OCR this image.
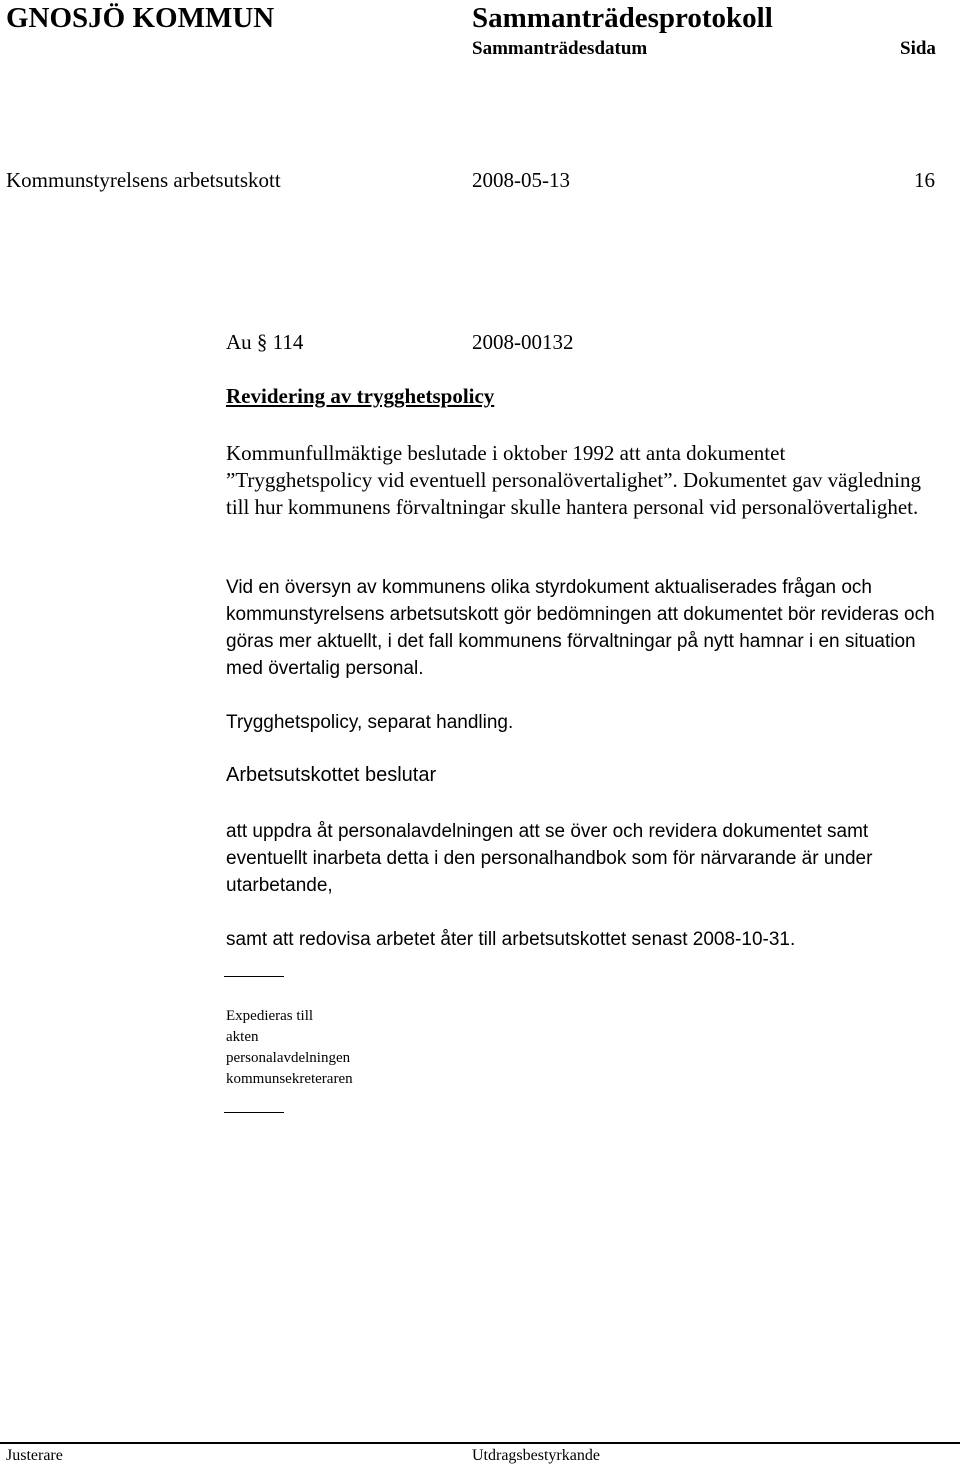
GNOSJÖ KOMMUN	Sammanträdesprotokoll
Sammanträdesdatum	Sida
Kommunstyrelsens arbetsutskott	2008-05-13	16
Au § 114	2008-00132
Revidering av trygghetspolicy
Kommunfullmäktige beslutade i oktober 1992 att anta dokumentet ”Trygghetspolicy vid eventuell personalövertalighet”. Dokumentet gav vägledning till hur kommunens förvaltningar skulle hantera personal vid personalövertalighet.
Vid en översyn av kommunens olika styrdokument aktualiserades frågan och kommunstyrelsens arbetsutskott gör bedömningen att dokumentet bör revideras och göras mer aktuellt, i det fall kommunens förvaltningar på nytt hamnar i en situation med övertalig personal.
Trygghetspolicy, separat handling.
Arbetsutskottet beslutar
att uppdra åt personalavdelningen att se över och revidera dokumentet samt eventuellt inarbeta detta i den personalhandbok som för närvarande är under utarbetande,
samt att redovisa arbetet åter till arbetsutskottet senast 2008-10-31.
Expedieras till
akten
personalavdelningen
kommunsekreteraren
Justerare	Utdragsbestyrkande
